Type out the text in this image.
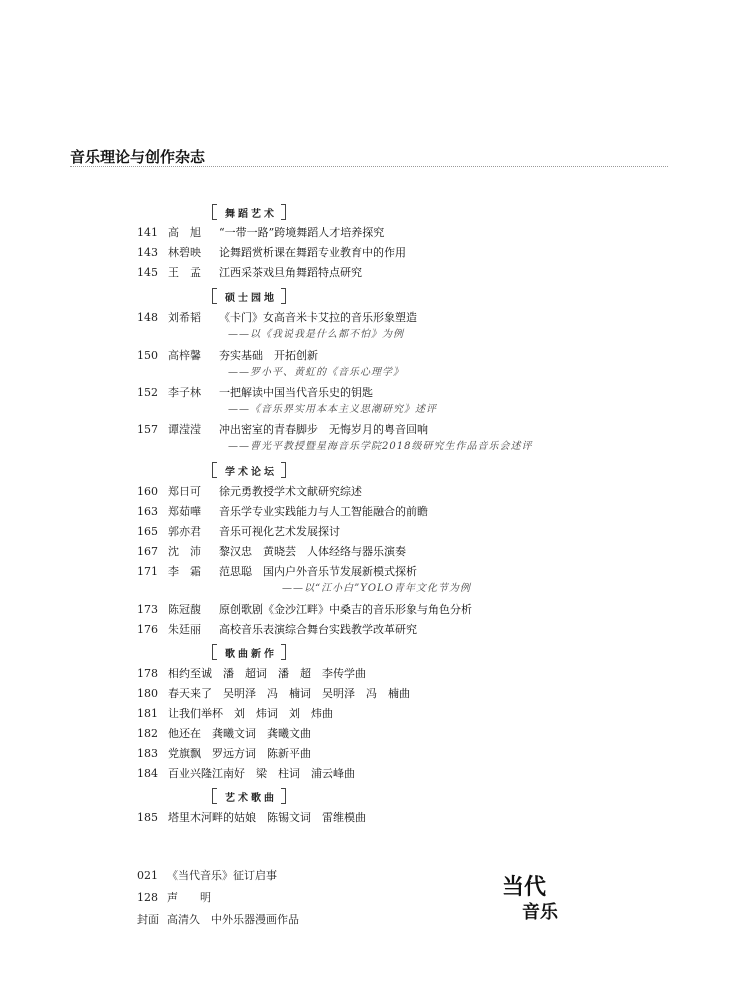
音乐理论与创作杂志
舞蹈艺术
141 高　旭 “一带一路”跨境舞蹈人才培养探究
143 林碧映 论舞蹈赏析课在舞蹈专业教育中的作用
145 王　孟 江西采茶戏旦角舞蹈特点研究
硕士园地
148 刘希韬 《卡门》女高音米卡艾拉的音乐形象塑造
——以《我说我是什么都不怕》为例
150 高梓馨 夯实基础　开拓创新
——罗小平、黄虹的《音乐心理学》
152 李子林 一把解读中国当代音乐史的钥匙
——《音乐界实用本本主义思潮研究》述评
157 谭滢滢 冲出密室的青春脚步　无悔岁月的粤音回响
——曹光平教授暨星海音乐学院2018级研究生作品音乐会述评
学术论坛
160 郑日可 徐元勇教授学术文献研究综述
163 郑茹嘩 音乐学专业实践能力与人工智能融合的前瞻
165 郭亦君 音乐可视化艺术发展探讨
167 沈　沛 黎汉忠　黄晓芸　人体经络与器乐演奏
171 李　霜 范思聪　国内户外音乐节发展新模式探析
——以“江小白”YOLO青年文化节为例
173 陈冠馥 原创歌剧《金沙江畔》中桑吉的音乐形象与角色分析
176 朱廷丽 高校音乐表演综合舞台实践教学改革研究
歌曲新作
178 相约至诚　潘　超词　潘　超　李传学曲
180 春天来了　吴明泽　冯　楠词　吴明泽　冯　楠曲
181 让我们举杯　刘　炜词　刘　炜曲
182 他还在　龚曦文词　龚曦文曲
183 党旗飘　罗远方词　陈新平曲
184 百业兴隆江南好　梁　柱词　浦云峰曲
艺术歌曲
185 塔里木河畔的姑娘　陈锡文词　雷维模曲
021 《当代音乐》征订启事
128 声　　明
封面 高清久　中外乐器漫画作品
当代
音乐
